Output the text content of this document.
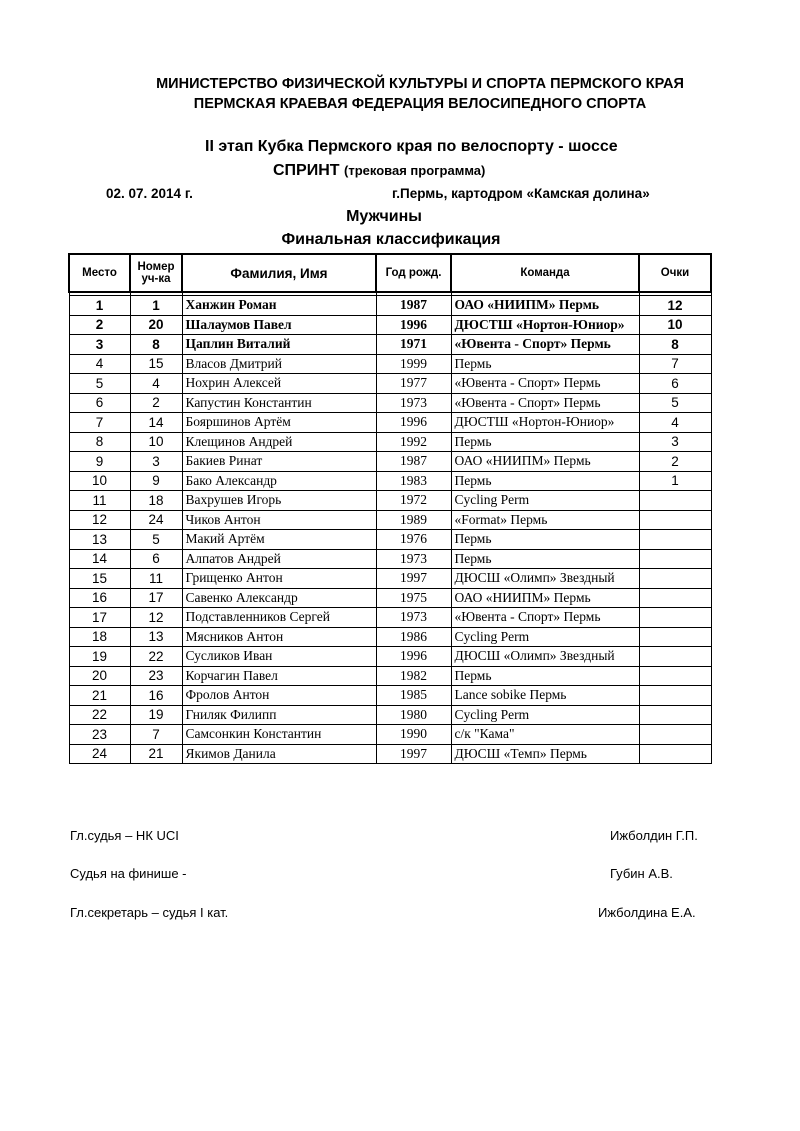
МИНИСТЕРСТВО ФИЗИЧЕСКОЙ КУЛЬТУРЫ И СПОРТА ПЕРМСКОГО КРАЯ
ПЕРМСКАЯ КРАЕВАЯ ФЕДЕРАЦИЯ ВЕЛОСИПЕДНОГО СПОРТА
II этап Кубка Пермского края по велоспорту - шоссе
СПРИНТ (трековая программа)
02. 07. 2014 г.	г.Пермь, картодром «Камская долина»
Мужчины
Финальная классификация
Место	Номер уч-ка	Фамилия, Имя	Год рожд.	Команда	Очки

1	1	Ханжин Роман	1987	ОАО «НИИПМ» Пермь	12
2	20	Шалаумов Павел	1996	ДЮСТШ «Нортон-Юниор»	10
3	8	Цаплин Виталий	1971	«Ювента - Спорт» Пермь	8
4	15	Власов Дмитрий	1999	Пермь	7
5	4	Нохрин Алексей	1977	«Ювента - Спорт» Пермь	6
6	2	Капустин Константин	1973	«Ювента - Спорт» Пермь	5
7	14	Бояршинов Артём	1996	ДЮСТШ «Нортон-Юниор»	4
8	10	Клещинов Андрей	1992	Пермь	3
9	3	Бакиев Ринат	1987	ОАО «НИИПМ» Пермь	2
10	9	Бако Александр	1983	Пермь	1
11	18	Вахрушев Игорь	1972	Cycling Perm	
12	24	Чиков Антон	1989	«Format» Пермь	
13	5	Макий Артём	1976	Пермь	
14	6	Алпатов Андрей	1973	Пермь	
15	11	Грищенко Антон	1997	ДЮСШ «Олимп» Звездный	
16	17	Савенко Александр	1975	ОАО «НИИПМ» Пермь	
17	12	Подставленников Сергей	1973	«Ювента - Спорт» Пермь	
18	13	Мясников Антон	1986	Cycling Perm	
19	22	Сусликов Иван	1996	ДЮСШ «Олимп» Звездный	
20	23	Корчагин Павел	1982	Пермь	
21	16	Фролов Антон	1985	Lance sobike Пермь	
22	19	Гниляк Филипп	1980	Cycling Perm	
23	7	Самсонкин Константин	1990	с/к "Кама"	
24	21	Якимов Данила	1997	ДЮСШ «Темп» Пермь	
Гл.судья – НК UCI	Ижболдин Г.П.
Судья на финише -	Губин А.В.
Гл.секретарь – судья I кат.	Ижболдина Е.А.
